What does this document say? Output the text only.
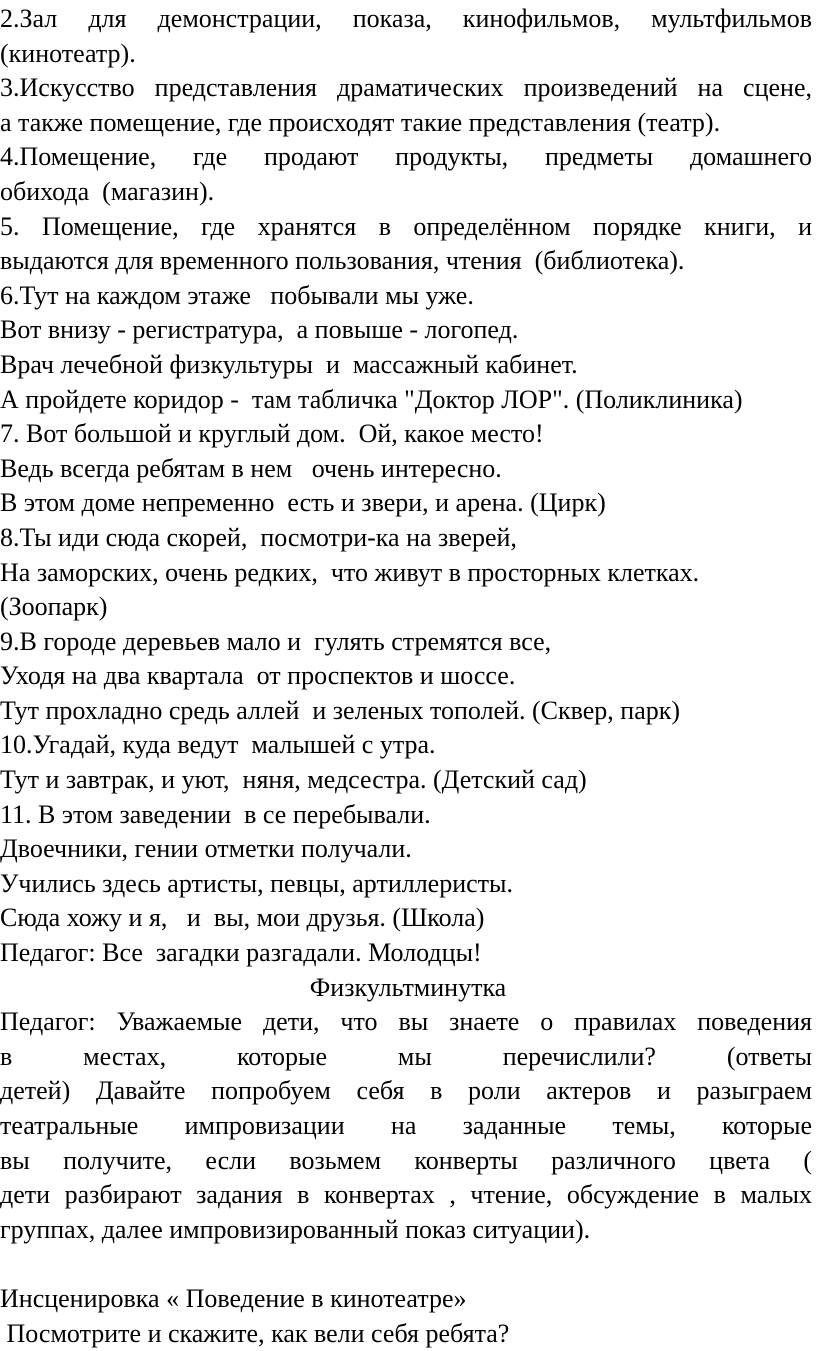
2.Зал для демонстрации, показа, кинофильмов, мультфильмов
(кинотеатр).
3.Искусство представления драматических произведений на сцене,
а также помещение, где происходят такие представления (театр).
4.Помещение, где продают продукты, предметы домашнего
обихода  (магазин).
5. Помещение, где хранятся в определённом порядке книги, и
выдаются для временного пользования, чтения  (библиотека).
6.Тут на каждом этаже   побывали мы уже.
Вот внизу - регистратура,  а повыше - логопед.
Врач лечебной физкультуры  и  массажный кабинет.
А пройдете коридор -  там табличка "Доктор ЛОР". (Поликлиника)
7. Вот большой и круглый дом.  Ой, какое место!
Ведь всегда ребятам в нем   очень интересно.
В этом доме непременно  есть и звери, и арена. (Цирк)
8.Ты иди сюда скорей,  посмотри-ка на зверей,
На заморских, очень редких,  что живут в просторных клетках.
(Зоопарк)
9.В городе деревьев мало и  гулять стремятся все,
Уходя на два квартала  от проспектов и шоссе.
Тут прохладно средь аллей  и зеленых тополей. (Сквер, парк)
10.Угадай, куда ведут  малышей с утра.
Тут и завтрак, и уют,  няня, медсестра. (Детский сад)
11. В этом заведении  в се перебывали.
Двоечники, гении отметки получали.
Учились здесь артисты, певцы, артиллеристы.
Сюда хожу и я,   и  вы, мои друзья. (Школа)
Педагог: Все  загадки разгадали. Молодцы!
Физкультминутка
Педагог: Уважаемые дети, что вы знаете о правилах поведения
в местах, которые мы перечислили? (ответы
детей) Давайте попробуем себя в роли актеров и разыграем
театральные импровизации на заданные темы, которые
вы получите, если возьмем конверты различного цвета (
дети разбирают задания в конвертах , чтение, обсуждение в малых
группах, далее импровизированный показ ситуации).
Инсценировка « Поведение в кинотеатре»
Посмотрите и скажите, как вели себя ребята?
